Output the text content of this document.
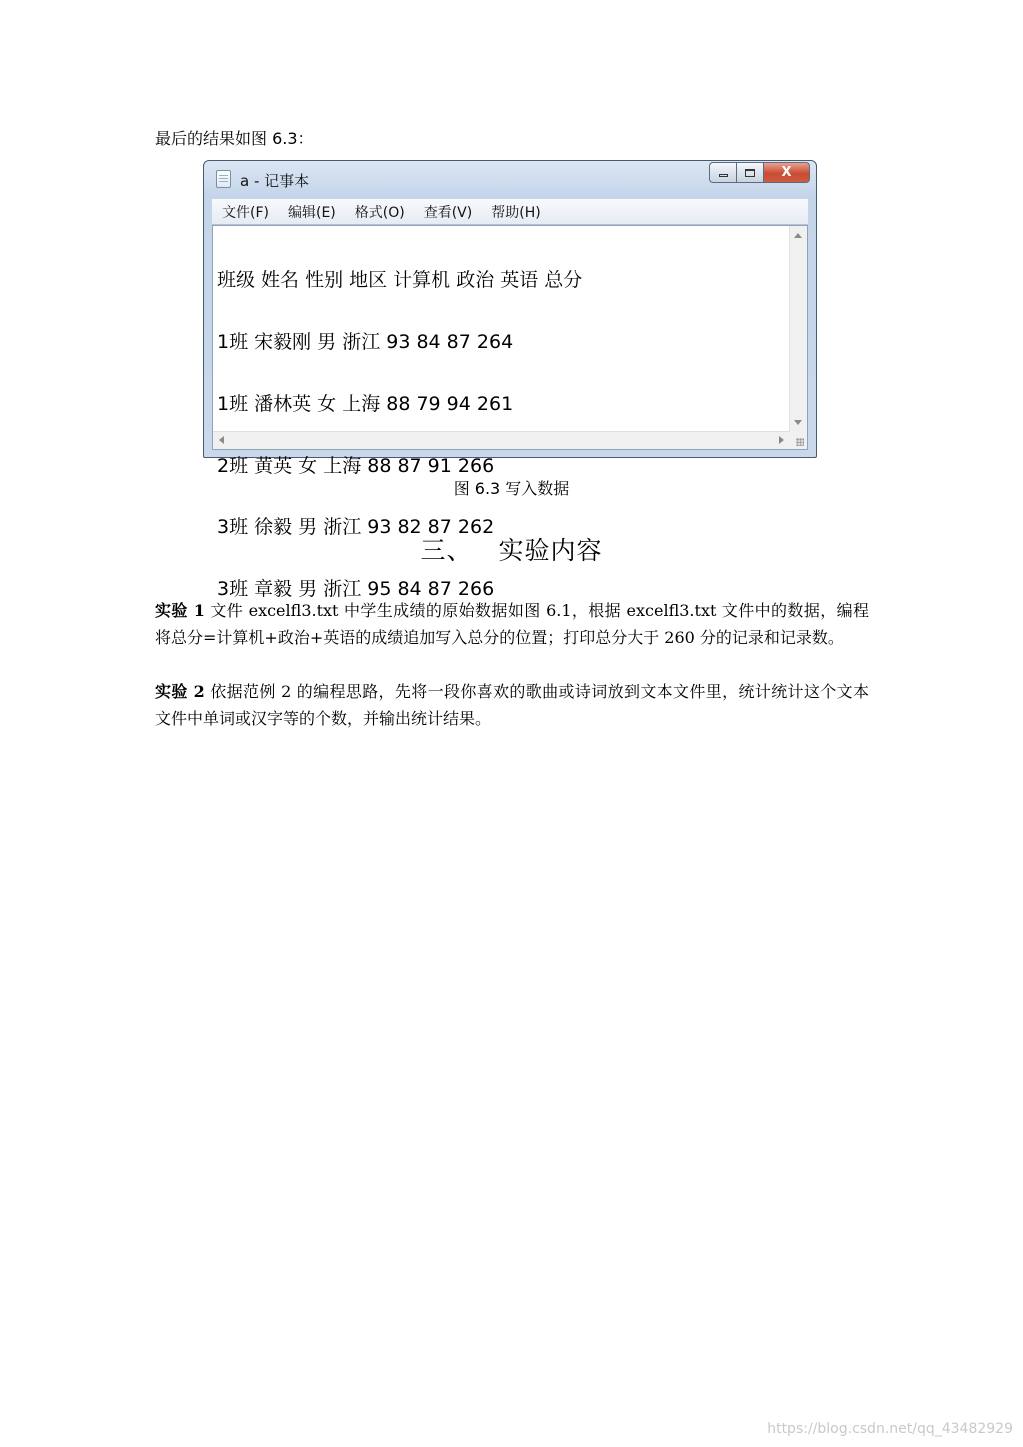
最后的结果如图 6.3：
a - 记事本	X
文件(F)	编辑(E)	格式(O)	查看(V)	帮助(H)

班级 姓名 性别 地区 计算机 政治 英语 总分

1班 宋毅刚 男 浙江 93 84 87 264

1班 潘林英 女 上海 88 79 94 261

2班 黄英 女 上海 88 87 91 266

3班 徐毅 男 浙江 93 82 87 262

3班 章毅 男 浙江 95 84 87 266

图 6.3 写入数据
三、 实验内容
实验 1 文件 excelfl3.txt 中学生成绩的原始数据如图 6.1，根据 excelfl3.txt 文件中的数据，编程将总分=计算机+政治+英语的成绩追加写入总分的位置；打印总分大于 260 分的记录和记录数。
实验 2 依据范例 2 的编程思路，先将一段你喜欢的歌曲或诗词放到文本文件里，统计统计这个文本文件中单词或汉字等的个数，并输出统计结果。
https://blog.csdn.net/qq_43482929
